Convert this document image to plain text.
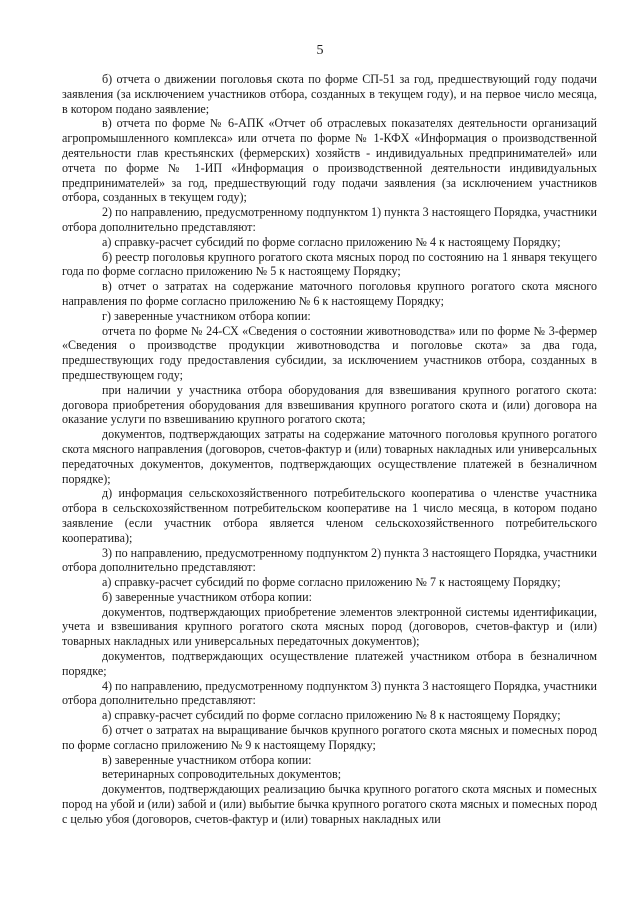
5

б) отчета о движении поголовья скота по форме СП-51 за год, предшествующий году подачи заявления (за исключением участников отбора, созданных в текущем году), и на первое число месяца, в котором подано заявление;

в) отчета по форме № 6-АПК «Отчет об отраслевых показателях деятельности организаций агропромышленного комплекса» или отчета по форме № 1-КФХ «Информация о производственной деятельности глав крестьянских (фермерских) хозяйств - индивидуальных предпринимателей» или отчета по форме № 1-ИП «Информация о производственной деятельности индивидуальных предпринимателей» за год, предшествующий году подачи заявления (за исключением участников отбора, созданных в текущем году);

2) по направлению, предусмотренному подпунктом 1) пункта 3 настоящего Порядка, участники отбора дополнительно представляют:

а) справку-расчет субсидий по форме согласно приложению № 4 к настоящему Порядку;

б) реестр поголовья крупного рогатого скота мясных пород по состоянию на 1 января текущего года по форме согласно приложению № 5 к настоящему Порядку;

в) отчет о затратах на содержание маточного поголовья крупного рогатого скота мясного направления по форме согласно приложению № 6 к настоящему Порядку;

г) заверенные участником отбора копии:

отчета по форме № 24-СХ «Сведения о состоянии животноводства» или по форме № 3-фермер «Сведения о производстве продукции животноводства и поголовье скота» за два года, предшествующих году предоставления субсидии, за исключением участников отбора, созданных в предшествующем году;

при наличии у участника отбора оборудования для взвешивания крупного рогатого скота: договора приобретения оборудования для взвешивания крупного рогатого скота и (или) договора на оказание услуги по взвешиванию крупного рогатого скота;

документов, подтверждающих затраты на содержание маточного поголовья крупного рогатого скота мясного направления (договоров, счетов-фактур и (или) товарных накладных или универсальных передаточных документов, документов, подтверждающих осуществление платежей в безналичном порядке);

д) информация сельскохозяйственного потребительского кооператива о членстве участника отбора в сельскохозяйственном потребительском кооперативе на 1 число месяца, в котором подано заявление (если участник отбора является членом сельскохозяйственного потребительского кооператива);

3) по направлению, предусмотренному подпунктом 2) пункта 3 настоящего Порядка, участники отбора дополнительно представляют:

а) справку-расчет субсидий по форме согласно приложению № 7 к настоящему Порядку;

б) заверенные участником отбора копии:

документов, подтверждающих приобретение элементов электронной системы идентификации, учета и взвешивания крупного рогатого скота мясных пород (договоров, счетов-фактур и (или) товарных накладных или универсальных передаточных документов);

документов, подтверждающих осуществление платежей участником отбора в безналичном порядке;

4) по направлению, предусмотренному подпунктом 3) пункта 3 настоящего Порядка, участники отбора дополнительно представляют:

а) справку-расчет субсидий по форме согласно приложению № 8 к настоящему Порядку;

б) отчет о затратах на выращивание бычков крупного рогатого скота мясных и помесных пород по форме согласно приложению № 9 к настоящему Порядку;

в) заверенные участником отбора копии:

ветеринарных сопроводительных документов;

документов, подтверждающих реализацию бычка крупного рогатого скота мясных и помесных пород на убой и (или) забой и (или) выбытие бычка крупного рогатого скота мясных и помесных пород с целью убоя (договоров, счетов-фактур и (или) товарных накладных или
